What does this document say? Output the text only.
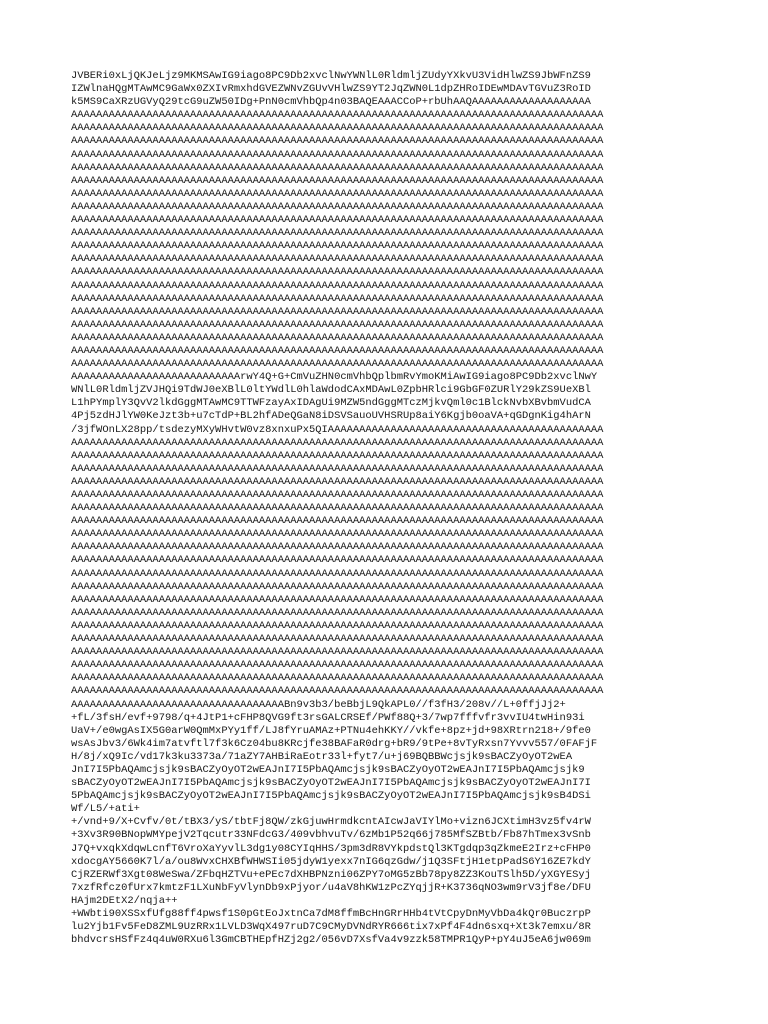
JVBERi0xLjQKJeLjz9MKMSAwIG9iago8PC9Db2xvclNwYWNlL0RldmljZUdyYXkvU3VidHlwZS9JbWFnZS9
IZWlnaHQgMTAwMC9GaWx0ZXIvRmxhdGVEZWNvZGUvVHlwZS9YT2JqZWN0L1dpZHRoIDEwMDAvTGVuZ3RoID
k5MS9CaXRzUGVyQ29tcG9uZW50IDg+PnN0cmVhbQp4n03BAQEAAACCoP+rbUhAAQAAAAAAAAAAAAAAAAAAA
AAAAAAAAAAAAAAAAAAAAAAAAAAAAAAAAAAAAAAAAAAAAAAAAAAAAAAAAAAAAAAAAAAAAAAAAAAAAAAAAAAAAA
AAAAAAAAAAAAAAAAAAAAAAAAAAAAAAAAAAAAAAAAAAAAAAAAAAAAAAAAAAAAAAAAAAAAAAAAAAAAAAAAAAAAA
AAAAAAAAAAAAAAAAAAAAAAAAAAAAAAAAAAAAAAAAAAAAAAAAAAAAAAAAAAAAAAAAAAAAAAAAAAAAAAAAAAAAA
AAAAAAAAAAAAAAAAAAAAAAAAAAAAAAAAAAAAAAAAAAAAAAAAAAAAAAAAAAAAAAAAAAAAAAAAAAAAAAAAAAAAA
AAAAAAAAAAAAAAAAAAAAAAAAAAAAAAAAAAAAAAAAAAAAAAAAAAAAAAAAAAAAAAAAAAAAAAAAAAAAAAAAAAAAA
AAAAAAAAAAAAAAAAAAAAAAAAAAAAAAAAAAAAAAAAAAAAAAAAAAAAAAAAAAAAAAAAAAAAAAAAAAAAAAAAAAAAA
AAAAAAAAAAAAAAAAAAAAAAAAAAAAAAAAAAAAAAAAAAAAAAAAAAAAAAAAAAAAAAAAAAAAAAAAAAAAAAAAAAAAA
AAAAAAAAAAAAAAAAAAAAAAAAAAAAAAAAAAAAAAAAAAAAAAAAAAAAAAAAAAAAAAAAAAAAAAAAAAAAAAAAAAAAA
AAAAAAAAAAAAAAAAAAAAAAAAAAAAAAAAAAAAAAAAAAAAAAAAAAAAAAAAAAAAAAAAAAAAAAAAAAAAAAAAAAAAA
AAAAAAAAAAAAAAAAAAAAAAAAAAAAAAAAAAAAAAAAAAAAAAAAAAAAAAAAAAAAAAAAAAAAAAAAAAAAAAAAAAAAA
AAAAAAAAAAAAAAAAAAAAAAAAAAAAAAAAAAAAAAAAAAAAAAAAAAAAAAAAAAAAAAAAAAAAAAAAAAAAAAAAAAAAA
AAAAAAAAAAAAAAAAAAAAAAAAAAAAAAAAAAAAAAAAAAAAAAAAAAAAAAAAAAAAAAAAAAAAAAAAAAAAAAAAAAAAA
AAAAAAAAAAAAAAAAAAAAAAAAAAAAAAAAAAAAAAAAAAAAAAAAAAAAAAAAAAAAAAAAAAAAAAAAAAAAAAAAAAAAA
AAAAAAAAAAAAAAAAAAAAAAAAAAAAAAAAAAAAAAAAAAAAAAAAAAAAAAAAAAAAAAAAAAAAAAAAAAAAAAAAAAAAA
AAAAAAAAAAAAAAAAAAAAAAAAAAAAAAAAAAAAAAAAAAAAAAAAAAAAAAAAAAAAAAAAAAAAAAAAAAAAAAAAAAAAA
AAAAAAAAAAAAAAAAAAAAAAAAAAAAAAAAAAAAAAAAAAAAAAAAAAAAAAAAAAAAAAAAAAAAAAAAAAAAAAAAAAAAA
AAAAAAAAAAAAAAAAAAAAAAAAAAAAAAAAAAAAAAAAAAAAAAAAAAAAAAAAAAAAAAAAAAAAAAAAAAAAAAAAAAAAA
AAAAAAAAAAAAAAAAAAAAAAAAAAAAAAAAAAAAAAAAAAAAAAAAAAAAAAAAAAAAAAAAAAAAAAAAAAAAAAAAAAAAA
AAAAAAAAAAAAAAAAAAAAAAAAAAAAAAAAAAAAAAAAAAAAAAAAAAAAAAAAAAAAAAAAAAAAAAAAAAAAAAAAAAAAA
AAAAAAAAAAAAAAAAAAAAAAAAAAAAAAAAAAAAAAAAAAAAAAAAAAAAAAAAAAAAAAAAAAAAAAAAAAAAAAAAAAAAA
AAAAAAAAAAAAAAAAAAAAAAAAAAArwY4Q+G+CmVuZHN0cmVhbQplbmRvYmoKMiAwIG9iago8PC9Db2xvclNwY
WNlL0RldmljZVJHQi9TdWJ0eXBlL0ltYWdlL0hlaWdodCAxMDAwL0ZpbHRlci9GbGF0ZURlY29kZS9UeXBl
L1hPYmplY3QvV2lkdGggMTAwMC9TTWFzayAxIDAgUi9MZW5ndGggMTczMjkvQml0c1BlckNvbXBvbmVudCA
4Pj5zdHJlYW0KeJzt3b+u7cTdP+BL2hfADeQGaN8iDSVSauoUVHSRUp8aiY6Kgjb0oaVA+qGDgnKig4hArN
/3jfWOnLX28pp/tsdezyMXyWHvtW0vz8xnxuPx5QIAAAAAAAAAAAAAAAAAAAAAAAAAAAAAAAAAAAAAAAAAAAA
AAAAAAAAAAAAAAAAAAAAAAAAAAAAAAAAAAAAAAAAAAAAAAAAAAAAAAAAAAAAAAAAAAAAAAAAAAAAAAAAAAAAA
AAAAAAAAAAAAAAAAAAAAAAAAAAAAAAAAAAAAAAAAAAAAAAAAAAAAAAAAAAAAAAAAAAAAAAAAAAAAAAAAAAAAA
AAAAAAAAAAAAAAAAAAAAAAAAAAAAAAAAAAAAAAAAAAAAAAAAAAAAAAAAAAAAAAAAAAAAAAAAAAAAAAAAAAAAA
AAAAAAAAAAAAAAAAAAAAAAAAAAAAAAAAAAAAAAAAAAAAAAAAAAAAAAAAAAAAAAAAAAAAAAAAAAAAAAAAAAAAA
AAAAAAAAAAAAAAAAAAAAAAAAAAAAAAAAAAAAAAAAAAAAAAAAAAAAAAAAAAAAAAAAAAAAAAAAAAAAAAAAAAAAA
AAAAAAAAAAAAAAAAAAAAAAAAAAAAAAAAAAAAAAAAAAAAAAAAAAAAAAAAAAAAAAAAAAAAAAAAAAAAAAAAAAAAA
AAAAAAAAAAAAAAAAAAAAAAAAAAAAAAAAAAAAAAAAAAAAAAAAAAAAAAAAAAAAAAAAAAAAAAAAAAAAAAAAAAAAA
AAAAAAAAAAAAAAAAAAAAAAAAAAAAAAAAAAAAAAAAAAAAAAAAAAAAAAAAAAAAAAAAAAAAAAAAAAAAAAAAAAAAA
AAAAAAAAAAAAAAAAAAAAAAAAAAAAAAAAAAAAAAAAAAAAAAAAAAAAAAAAAAAAAAAAAAAAAAAAAAAAAAAAAAAAA
AAAAAAAAAAAAAAAAAAAAAAAAAAAAAAAAAAAAAAAAAAAAAAAAAAAAAAAAAAAAAAAAAAAAAAAAAAAAAAAAAAAAA
AAAAAAAAAAAAAAAAAAAAAAAAAAAAAAAAAAAAAAAAAAAAAAAAAAAAAAAAAAAAAAAAAAAAAAAAAAAAAAAAAAAAA
AAAAAAAAAAAAAAAAAAAAAAAAAAAAAAAAAAAAAAAAAAAAAAAAAAAAAAAAAAAAAAAAAAAAAAAAAAAAAAAAAAAAA
AAAAAAAAAAAAAAAAAAAAAAAAAAAAAAAAAAAAAAAAAAAAAAAAAAAAAAAAAAAAAAAAAAAAAAAAAAAAAAAAAAAAA
AAAAAAAAAAAAAAAAAAAAAAAAAAAAAAAAAAAAAAAAAAAAAAAAAAAAAAAAAAAAAAAAAAAAAAAAAAAAAAAAAAAAA
AAAAAAAAAAAAAAAAAAAAAAAAAAAAAAAAAAAAAAAAAAAAAAAAAAAAAAAAAAAAAAAAAAAAAAAAAAAAAAAAAAAAA
AAAAAAAAAAAAAAAAAAAAAAAAAAAAAAAAAAAAAAAAAAAAAAAAAAAAAAAAAAAAAAAAAAAAAAAAAAAAAAAAAAAAA
AAAAAAAAAAAAAAAAAAAAAAAAAAAAAAAAAAAAAAAAAAAAAAAAAAAAAAAAAAAAAAAAAAAAAAAAAAAAAAAAAAAAA
AAAAAAAAAAAAAAAAAAAAAAAAAAAAAAAAAAAAAAAAAAAAAAAAAAAAAAAAAAAAAAAAAAAAAAAAAAAAAAAAAAAAA
AAAAAAAAAAAAAAAAAAAAAAAAAAAAAAAAAAAAAAAAAAAAAAAAAAAAAAAAAAAAAAAAAAAAAAAAAAAAAAAAAAAAA
AAAAAAAAAAAAAAAAAAAAAAAAAAAAAAAAAAAAAAAAAAAAAAAAAAAAAAAAAAAAAAAAAAAAAAAAAAAAAAAAAAAAA
AAAAAAAAAAAAAAAAAAAAAAAAAAAAAAAAAABn9v3b3/beBbjL9QkAPL0//f3fH3/208v//L+0ffjJj2+
+fL/3fsH/evf+9798/q+4JtP1+cFHP8QVG9ft3rsGALCRSEf/PWf88Q+3/7wp7fffvfr3vvIU4twHin93i
UaV+/e0wgAsIX5G0arW0QmMxPYy1ff/LJ8fYruAMAz+PTNu4ehKKY//vkfe+8pz+jd+98XRtrn218+/9fe0
wsAsJbv3/6Wk4im7atvftl7f3k6Cz04bu8KRcjfe38BAFaR0drg+bR9/9tPe+8vTyRxsn7Yvvv557/0FAFjF
H/8j/xQ9Ic/vd17k3ku3373a/71aZY7AHBiRaEotr33l+fyt7/u+j69BQBBWcjsjk9sBACZyOyOT2wEA
JnI7I5PbAQAmcjsjk9sBACZyOyOT2wEAJnI7I5PbAQAmcjsjk9sBACZyOyOT2wEAJnI7I5PbAQAmcjsjk9
sBACZyOyOT2wEAJnI7I5PbAQAmcjsjk9sBACZyOyOT2wEAJnI7I5PbAQAmcjsjk9sBACZyOyOT2wEAJnI7I
5PbAQAmcjsjk9sBACZyOyOT2wEAJnI7I5PbAQAmcjsjk9sBACZyOyOT2wEAJnI7I5PbAQAmcjsjk9sB4DSi
Wf/L5/+ati+
+/vnd+9/X+Cvfv/0t/tBX3/yS/tbtFj8QW/zkGjuwHrmdkcntAIcwJaVIYlMo+vizn6JCXtimH3vz5fv4rW
+3Xv3R90BNopWMYpejV2Tqcutr33NFdcG3/409vbhvuTv/6zMb1P52q66j785MfSZBtb/Fb87hTmex3vSnb
J7Q+vxqkXdqwLcnfT6VroXaYyvlL3dg1y08CYIqHHS/3pm3dR8VYkpdstQl3KTgdqp3qZkmeE2Irz+cFHP0
xdocgAY5660K7l/a/ou8WvxCHXBfWHWSIi05jdyW1yexx7nIG6qzGdw/j1Q3SFtjH1etpPadS6Y16ZE7kdY
CjRZERWf3Xgt08WeSwa/ZFbqHZTVu+ePEc7dXHBPNzni06ZPY7oMG5zBb78py8ZZ3KouTSlh5D/yXGYESyj
7xzfRfcz0fUrx7kmtzF1LXuNbFyVlynDb9xPjyor/u4aV8hKW1zPcZYqjjR+K3736qNO3wm9rV3jf8e/DFU
HAjm2DEtX2/nqja++
+WWbti90XSSxfUfg88ff4pwsf1S0pGtEoJxtnCa7dM8ffmBcHnGRrHHb4tVtCpyDnMyVbDa4kQr0BuczrpP
lu2Yjb1Fv5FeD8ZML9UzRRx1LVLD3WqX497ruD7C9CMyDVNdRYR666tix7xPf4F4dn6sxq+Xt3k7emxu/8R
bhdvcrsHSfFz4q4uW0RXu6l3GmCBTHEpfHZj2g2/056vD7XsfVa4v9zzk58TMPR1QyP+pY4uJ5eA6jw069m
